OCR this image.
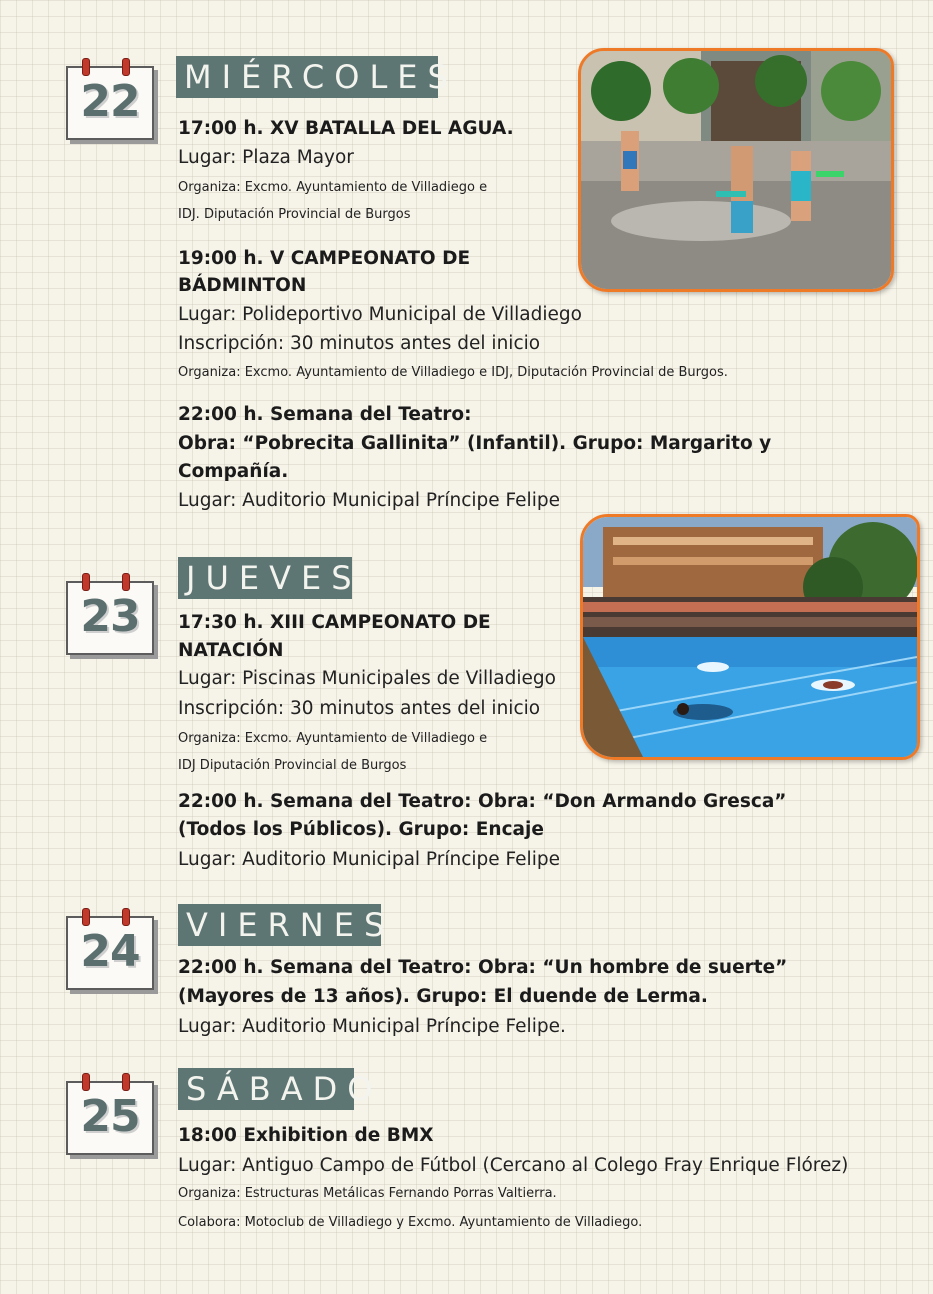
22	MIÉRCOLES
17:00 h. XV BATALLA DEL AGUA.
Lugar: Plaza Mayor
Organiza: Excmo. Ayuntamiento de Villadiego e
IDJ. Diputación Provincial de Burgos
19:00 h. V CAMPEONATO DE
BÁDMINTON
Lugar: Polideportivo Municipal de Villadiego
Inscripción: 30 minutos antes del inicio
Organiza: Excmo. Ayuntamiento de Villadiego e IDJ, Diputación Provincial de Burgos.
22:00 h. Semana del Teatro:
Obra: “Pobrecita Gallinita” (Infantil). Grupo: Margarito y
Compañía.
Lugar: Auditorio Municipal Príncipe Felipe
23
JUEVES
17:30 h. XIII CAMPEONATO DE
NATACIÓN
Lugar: Piscinas Municipales de Villadiego
Inscripción: 30 minutos antes del inicio
Organiza: Excmo. Ayuntamiento de Villadiego e
IDJ Diputación Provincial de Burgos
22:00 h. Semana del Teatro: Obra: “Don Armando Gresca”
(Todos los Públicos). Grupo: Encaje
Lugar: Auditorio Municipal Príncipe Felipe
24
VIERNES
22:00 h. Semana del Teatro: Obra: “Un hombre de suerte”
(Mayores de 13 años). Grupo: El duende de Lerma.
Lugar: Auditorio Municipal Príncipe Felipe.
25
SÁBADO
18:00 Exhibition de BMX
Lugar: Antiguo Campo de Fútbol (Cercano al Colego Fray Enrique Flórez)
Organiza: Estructuras Metálicas Fernando Porras Valtierra.
Colabora: Motoclub de Villadiego y Excmo. Ayuntamiento de Villadiego.
